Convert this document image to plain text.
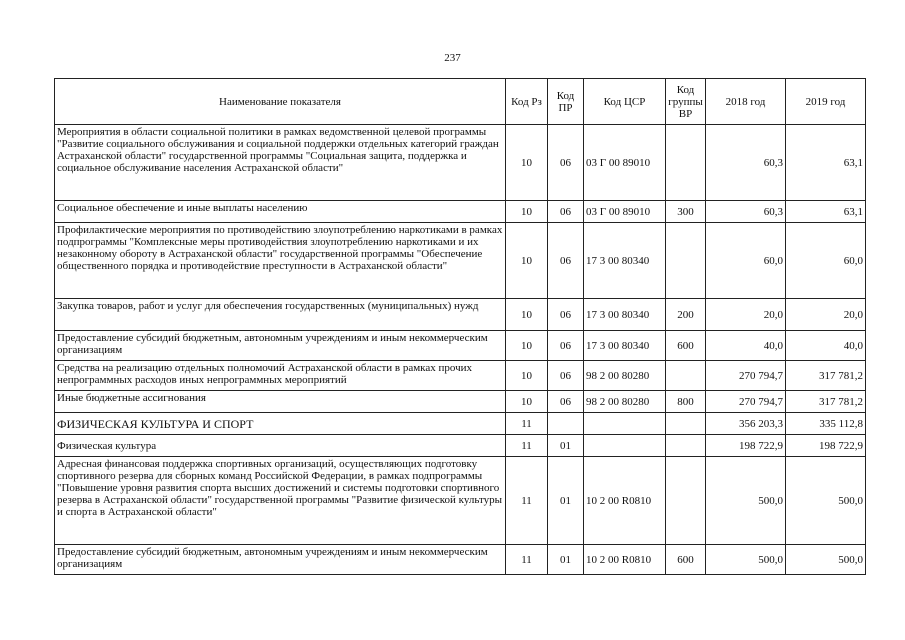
237
Наименование показателя	Код Рз	Код ПР	Код ЦСР	Код группы ВР	2018 год	2019 год
Мероприятия в области социальной политики в рамках ведомственной целевой программы "Развитие социального обслуживания и социальной поддержки отдельных категорий граждан Астраханской области" государственной программы "Социальная защита, поддержка и социальное обслуживание населения Астраханской области"	10	06	03 Г 00 89010		60,3	63,1
Социальное обеспечение и иные выплаты населению	10	06	03 Г 00 89010	300	60,3	63,1
Профилактические мероприятия по противодействию злоупотреблению наркотиками в рамках подпрограммы "Комплексные меры противодействия злоупотреблению наркотиками и их незаконному обороту в Астраханской области" государственной программы "Обеспечение общественного порядка и противодействие преступности в Астраханской области"	10	06	17 3 00 80340		60,0	60,0
Закупка товаров, работ и услуг для обеспечения государственных (муниципальных) нужд	10	06	17 3 00 80340	200	20,0	20,0
Предоставление субсидий бюджетным, автономным учреждениям и иным некоммерческим организациям	10	06	17 3 00 80340	600	40,0	40,0
Средства на реализацию отдельных полномочий Астраханской области в рамках прочих непрограммных расходов иных непрограммных мероприятий	10	06	98 2 00 80280		270 794,7	317 781,2
Иные бюджетные ассигнования	10	06	98 2 00 80280	800	270 794,7	317 781,2
ФИЗИЧЕСКАЯ КУЛЬТУРА И СПОРТ	11				356 203,3	335 112,8
Физическая культура	11	01			198 722,9	198 722,9
Адресная финансовая поддержка спортивных организаций, осуществляющих подготовку спортивного резерва для сборных команд Российской Федерации, в рамках подпрограммы "Повышение уровня развития спорта высших достижений и системы подготовки спортивного резерва в Астраханской области" государственной программы "Развитие физической культуры и спорта в Астраханской области"	11	01	10 2 00 R0810		500,0	500,0
Предоставление субсидий бюджетным, автономным учреждениям и иным некоммерческим организациям	11	01	10 2 00 R0810	600	500,0	500,0
